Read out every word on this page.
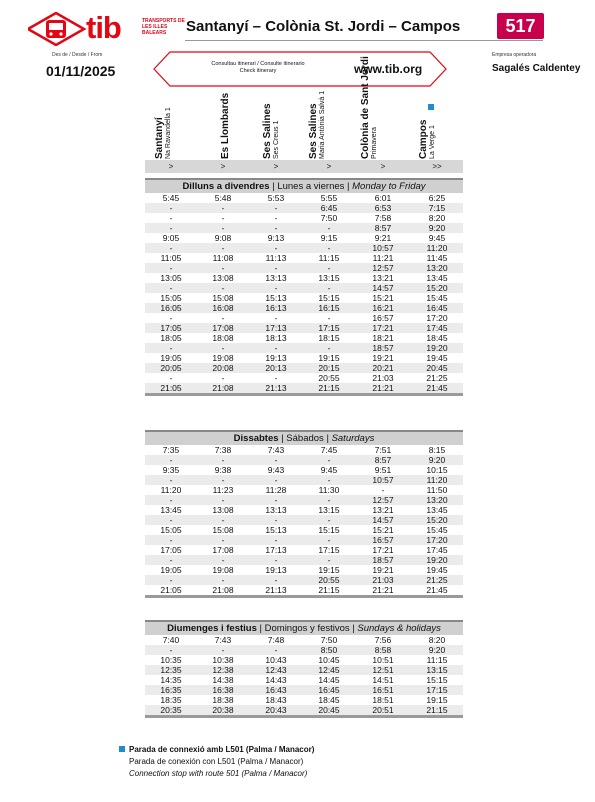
tib	TRANSPORTS DE LES ILLES BALEARS	Santanyí – Colònia St. Jordi – Campos	517
Des de / Desde / From
01/11/2025
Empresa operadora
Sagalés Caldentey
Consultau itinerari / Consulte itinerario
Check itinerary	www.tib.org
Santanyí Na Ravandella 1	Es Llombards	Ses Salines Ses Creus 1	Ses Salines Maria Antònia Salvà 1	Colònia de Sant Jordi Primavera	Campos La Verge 1
>	>	>	>	>	>>
Dilluns a divendres | Lunes a viernes | Monday to Friday
5:45	5:48	5:53	5:55	6:01	6:25
-	-	-	6:45	6:53	7:15
-	-	-	7:50	7:58	8:20
-	-	-	-	8:57	9:20
9:05	9:08	9:13	9:15	9:21	9:45
-	-	-	-	10:57	11:20
11:05	11:08	11:13	11:15	11:21	11:45
-	-	-	-	12:57	13:20
13:05	13:08	13:13	13:15	13:21	13:45
-	-	-	-	14:57	15:20
15:05	15:08	15:13	15:15	15:21	15:45
16:05	16:08	16:13	16:15	16:21	16:45
-	-	-	-	16:57	17:20
17:05	17:08	17:13	17:15	17:21	17:45
18:05	18:08	18:13	18:15	18:21	18:45
-	-	-	-	18:57	19:20
19:05	19:08	19:13	19:15	19:21	19:45
20:05	20:08	20:13	20:15	20:21	20:45
-	-	-	20:55	21:03	21:25
21:05	21:08	21:13	21:15	21:21	21:45
Dissabtes | Sábados | Saturdays
7:35	7:38	7:43	7:45	7:51	8:15
-	-	-	-	8:57	9:20
9:35	9:38	9:43	9:45	9:51	10:15
-	-	-	-	10:57	11:20
11:20	11:23	11:28	11:30	-	11:50
-	-	-	-	12:57	13:20
13:45	13:08	13:13	13:15	13:21	13:45
-	-	-	-	14:57	15:20
15:05	15:08	15:13	15:15	15:21	15:45
-	-	-	-	16:57	17:20
17:05	17:08	17:13	17:15	17:21	17:45
-	-	-	-	18:57	19:20
19:05	19:08	19:13	19:15	19:21	19:45
-	-	-	20:55	21:03	21:25
21:05	21:08	21:13	21:15	21:21	21:45
Diumenges i festius | Domingos y festivos | Sundays & holidays
7:40	7:43	7:48	7:50	7:56	8:20
-	-	-	8:50	8:58	9:20
10:35	10:38	10:43	10:45	10:51	11:15
12:35	12:38	12:43	12:45	12:51	13:15
14:35	14:38	14:43	14:45	14:51	15:15
16:35	16:38	16:43	16:45	16:51	17:15
18:35	18:38	18:43	18:45	18:51	19:15
20:35	20:38	20:43	20:45	20:51	21:15
Parada de connexió amb L501 (Palma / Manacor)
Parada de conexión con L501 (Palma / Manacor)
Connection stop with route 501 (Palma / Manacor)
